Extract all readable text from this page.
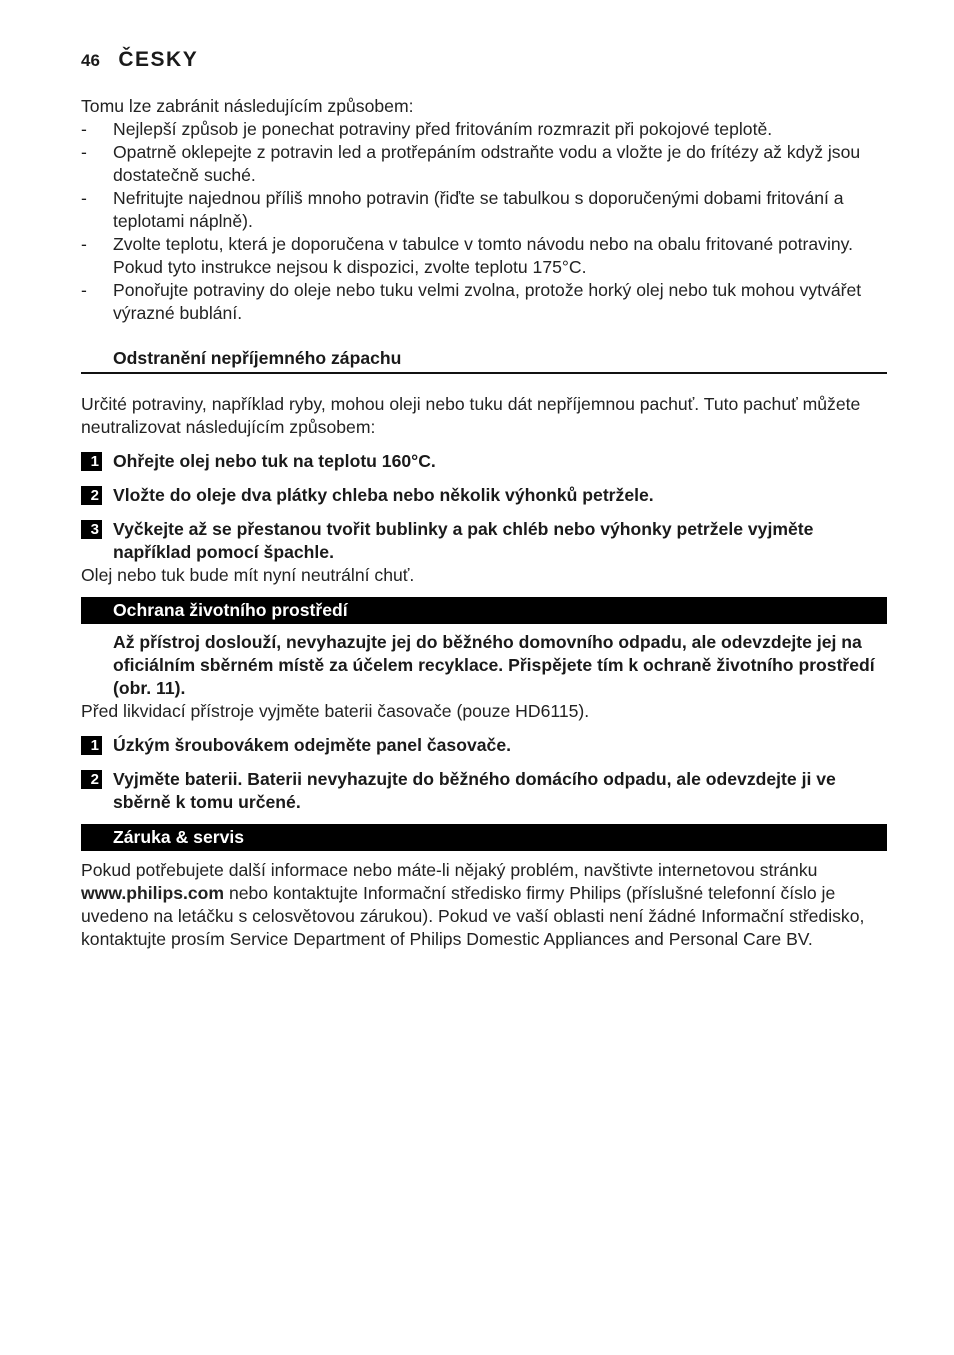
46 ČESKY

Tomu lze zabránit následujícím způsobem:

- Nejlepší způsob je ponechat potraviny před fritováním rozmrazit při pokojové teplotě.
- Opatrně oklepejte z potravin led a protřepáním odstraňte vodu a vložte je do frítézy až když jsou dostatečně suché.
- Nefritujte najednou příliš mnoho potravin (řiďte se tabulkou s doporučenými dobami fritování a teplotami náplně).
- Zvolte teplotu, která je doporučena v tabulce v tomto návodu nebo na obalu fritované potraviny. Pokud tyto instrukce nejsou k dispozici, zvolte teplotu 175°C.
- Ponořujte potraviny do oleje nebo tuku velmi zvolna, protože horký olej nebo tuk mohou vytvářet výrazné bublání.
Odstranění nepříjemného zápachu

Určité potraviny, například ryby, mohou oleji nebo tuku dát nepříjemnou pachuť. Tuto pachuť můžete neutralizovat následujícím způsobem:

1 Ohřejte olej nebo tuk na teplotu 160°C.

2 Vložte do oleje dva plátky chleba nebo několik výhonků petržele.

3 Vyčkejte až se přestanou tvořit bublinky a pak chléb nebo výhonky petržele vyjměte například pomocí špachle.

Olej nebo tuk bude mít nyní neutrální chuť.

Ochrana životního prostředí

Až přístroj doslouží, nevyhazujte jej do běžného domovního odpadu, ale odevzdejte jej na oficiálním sběrném místě za účelem recyklace. Přispějete tím k ochraně životního prostředí (obr. 11).

Před likvidací přístroje vyjměte baterii časovače (pouze HD6115).

1 Úzkým šroubovákem odejměte panel časovače.

2 Vyjměte baterii. Baterii nevyhazujte do běžného domácího odpadu, ale odevzdejte ji ve sběrně k tomu určené.

Záruka & servis

Pokud potřebujete další informace nebo máte-li nějaký problém, navštivte internetovou stránku www.philips.com nebo kontaktujte Informační středisko firmy Philips (příslušné telefonní číslo je uvedeno na letáčku s celosvětovou zárukou). Pokud ve vaší oblasti není žádné Informační středisko, kontaktujte prosím Service Department of Philips Domestic Appliances and Personal Care BV.
